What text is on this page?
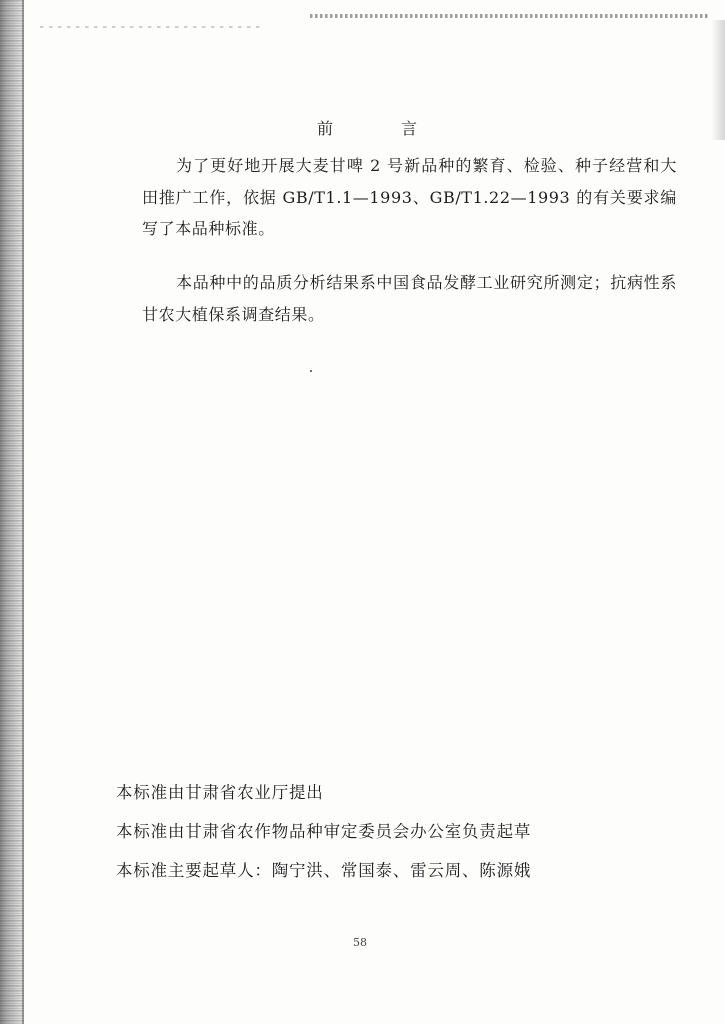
前　言

为了更好地开展大麦甘啤 2 号新品种的繁育、检验、种子经营和大田推广工作，依据 GB/T1.1—1993、GB/T1.22—1993 的有关要求编写了本品种标准。

本品种中的品质分析结果系中国食品发酵工业研究所测定；抗病性系甘农大植保系调查结果。

本标准由甘肃省农业厅提出
本标准由甘肃省农作物品种审定委员会办公室负责起草
本标准主要起草人：陶宁洪、常国泰、雷云周、陈源娥
58
